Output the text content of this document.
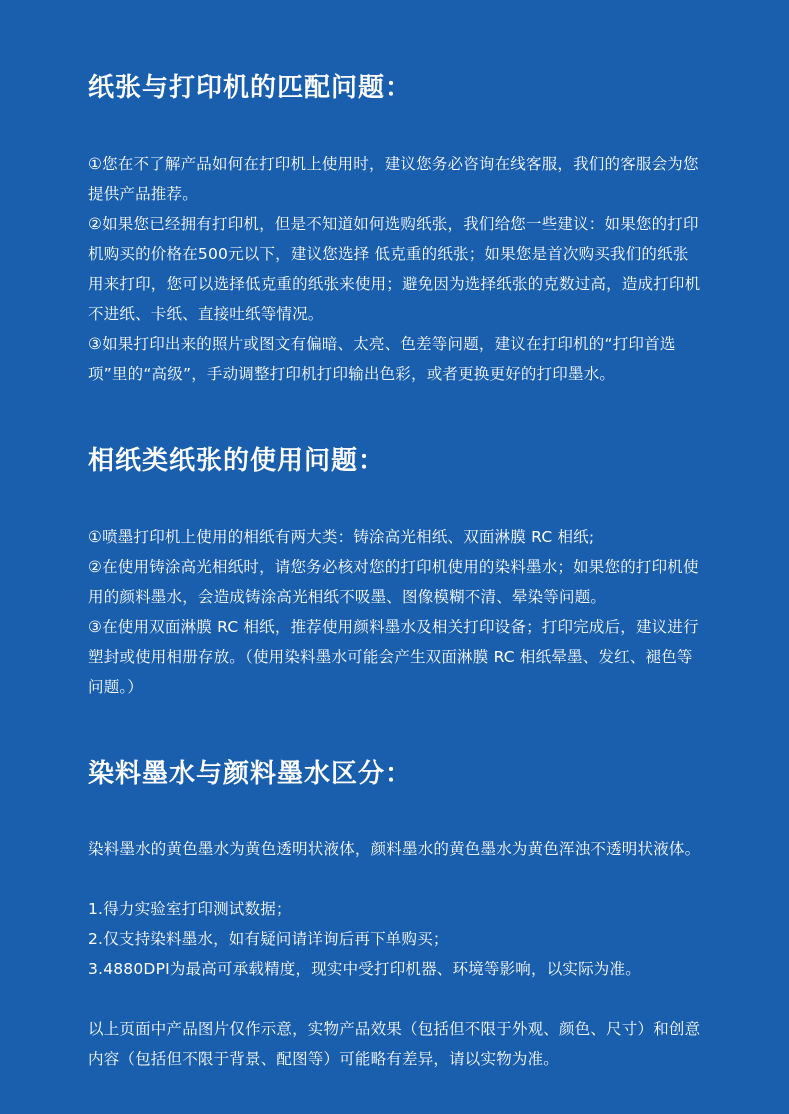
纸张与打印机的匹配问题：

①您在不了解产品如何在打印机上使用时，建议您务必咨询在线客服，我们的客服会为您提供产品推荐。

②如果您已经拥有打印机，但是不知道如何选购纸张，我们给您一些建议：如果您的打印机购买的价格在500元以下，建议您选择 低克重的纸张；如果您是首次购买我们的纸张用来打印，您可以选择低克重的纸张来使用；避免因为选择纸张的克数过高，造成打印机不进纸、卡纸、直接吐纸等情况。

③如果打印出来的照片或图文有偏暗、太亮、色差等问题，建议在打印机的“打印首选项”里的“高级”，手动调整打印机打印输出色彩，或者更换更好的打印墨水。

相纸类纸张的使用问题：

①喷墨打印机上使用的相纸有两大类：铸涂高光相纸、双面淋膜 RC 相纸;

②在使用铸涂高光相纸时，请您务必核对您的打印机使用的染料墨水；如果您的打印机使用的颜料墨水，会造成铸涂高光相纸不吸墨、图像模糊不清、晕染等问题。

③在使用双面淋膜 RC 相纸，推荐使用颜料墨水及相关打印设备；打印完成后，建议进行塑封或使用相册存放。（使用染料墨水可能会产生双面淋膜 RC 相纸晕墨、发红、褪色等问题。）

染料墨水与颜料墨水区分：

染料墨水的黄色墨水为黄色透明状液体，颜料墨水的黄色墨水为黄色浑浊不透明状液体。

1.得力实验室打印测试数据；

2.仅支持染料墨水，如有疑问请详询后再下单购买；

3.4880DPI为最高可承载精度，现实中受打印机器、环境等影响，以实际为准。

以上页面中产品图片仅作示意，实物产品效果（包括但不限于外观、颜色、尺寸）和创意内容（包括但不限于背景、配图等）可能略有差异，请以实物为准。
